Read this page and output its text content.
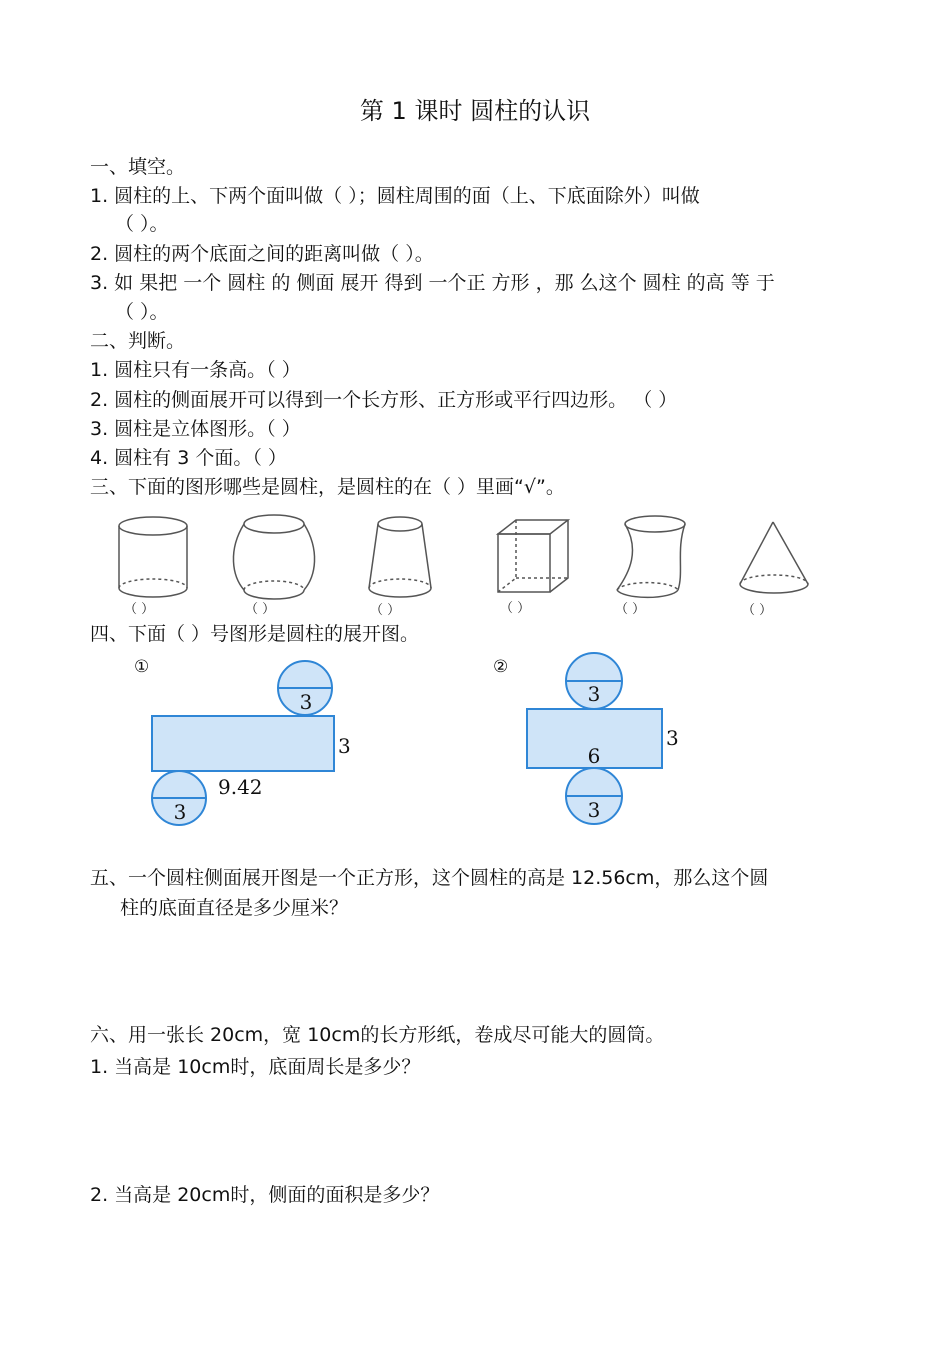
第 1 课时 圆柱的认识
一、填空。
1. 圆柱的上、下两个面叫做（ ）；圆柱周围的面（上、下底面除外）叫做
（ ）。
2. 圆柱的两个底面之间的距离叫做（ ）。
3. 如 果把 一个 圆柱 的 侧面 展开 得到 一个正 方形 ，那 么这个 圆柱 的高 等 于
（ ）。
二、判断。
1. 圆柱只有一条高。（ ）
2. 圆柱的侧面展开可以得到一个长方形、正方形或平行四边形。 （ ）
3. 圆柱是立体图形。（ ）
4. 圆柱有 3 个面。（ ）
三、下面的图形哪些是圆柱，是圆柱的在（ ）里画“√”。
（ ）	（ ）	（ ）	（ ）	（ ）	（ ）
四、下面（ ）号图形是圆柱的展开图。
①	②
3
3
9.42
3
3
3
6
3
五、一个圆柱侧面展开图是一个正方形，这个圆柱的高是 12.56cm，那么这个圆
柱的底面直径是多少厘米？
六、用一张长 20cm，宽 10cm的长方形纸，卷成尽可能大的圆筒。
1. 当高是 10cm时，底面周长是多少？
2. 当高是 20cm时，侧面的面积是多少？
